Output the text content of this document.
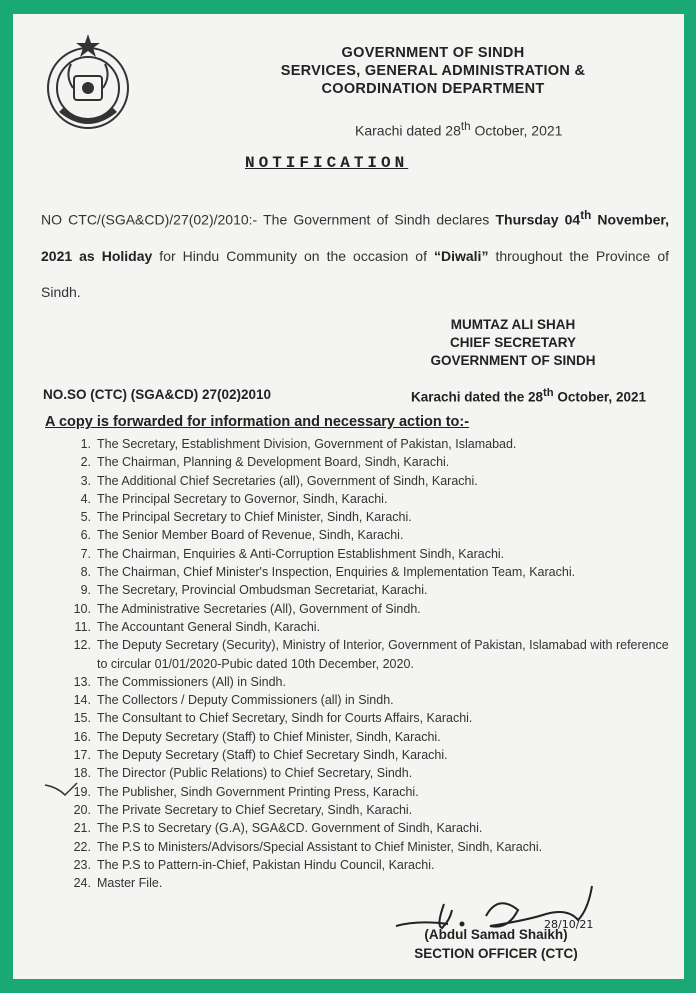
GOVERNMENT OF SINDH
SERVICES, GENERAL ADMINISTRATION &
COORDINATION DEPARTMENT
Karachi dated 28th October, 2021
NOTIFICATION
NO CTC/(SGA&CD)/27(02)/2010:- The Government of Sindh declares Thursday 04th November, 2021 as Holiday for Hindu Community on the occasion of “Diwali” throughout the Province of Sindh.
MUMTAZ ALI SHAH
CHIEF SECRETARY
GOVERNMENT OF SINDH
NO.SO (CTC) (SGA&CD) 27(02)2010	Karachi dated the 28th October, 2021
A copy is forwarded for information and necessary action to:-
1. The Secretary, Establishment Division, Government of Pakistan, Islamabad.
2. The Chairman, Planning & Development Board, Sindh, Karachi.
3. The Additional Chief Secretaries (all), Government of Sindh, Karachi.
4. The Principal Secretary to Governor, Sindh, Karachi.
5. The Principal Secretary to Chief Minister, Sindh, Karachi.
6. The Senior Member Board of Revenue, Sindh, Karachi.
7. The Chairman, Enquiries & Anti-Corruption Establishment Sindh, Karachi.
8. The Chairman, Chief Minister's Inspection, Enquiries & Implementation Team, Karachi.
9. The Secretary, Provincial Ombudsman Secretariat, Karachi.
10. The Administrative Secretaries (All), Government of Sindh.
11. The Accountant General Sindh, Karachi.
12. The Deputy Secretary (Security), Ministry of Interior, Government of Pakistan, Islamabad with reference to circular 01/01/2020-Pubic dated 10th December, 2020.
13. The Commissioners (All) in Sindh.
14. The Collectors / Deputy Commissioners (all) in Sindh.
15. The Consultant to Chief Secretary, Sindh for Courts Affairs, Karachi.
16. The Deputy Secretary (Staff) to Chief Minister, Sindh, Karachi.
17. The Deputy Secretary (Staff) to Chief Secretary Sindh, Karachi.
18. The Director (Public Relations) to Chief Secretary, Sindh.
19. The Publisher, Sindh Government Printing Press, Karachi.
20. The Private Secretary to Chief Secretary, Sindh, Karachi.
21. The P.S to Secretary (G.A), SGA&CD. Government of Sindh, Karachi.
22. The P.S to Ministers/Advisors/Special Assistant to Chief Minister, Sindh, Karachi.
23. The P.S to Pattern-in-Chief, Pakistan Hindu Council, Karachi.
24. Master File.
28/10/21
(Abdul Samad Shaikh)
SECTION OFFICER (CTC)
